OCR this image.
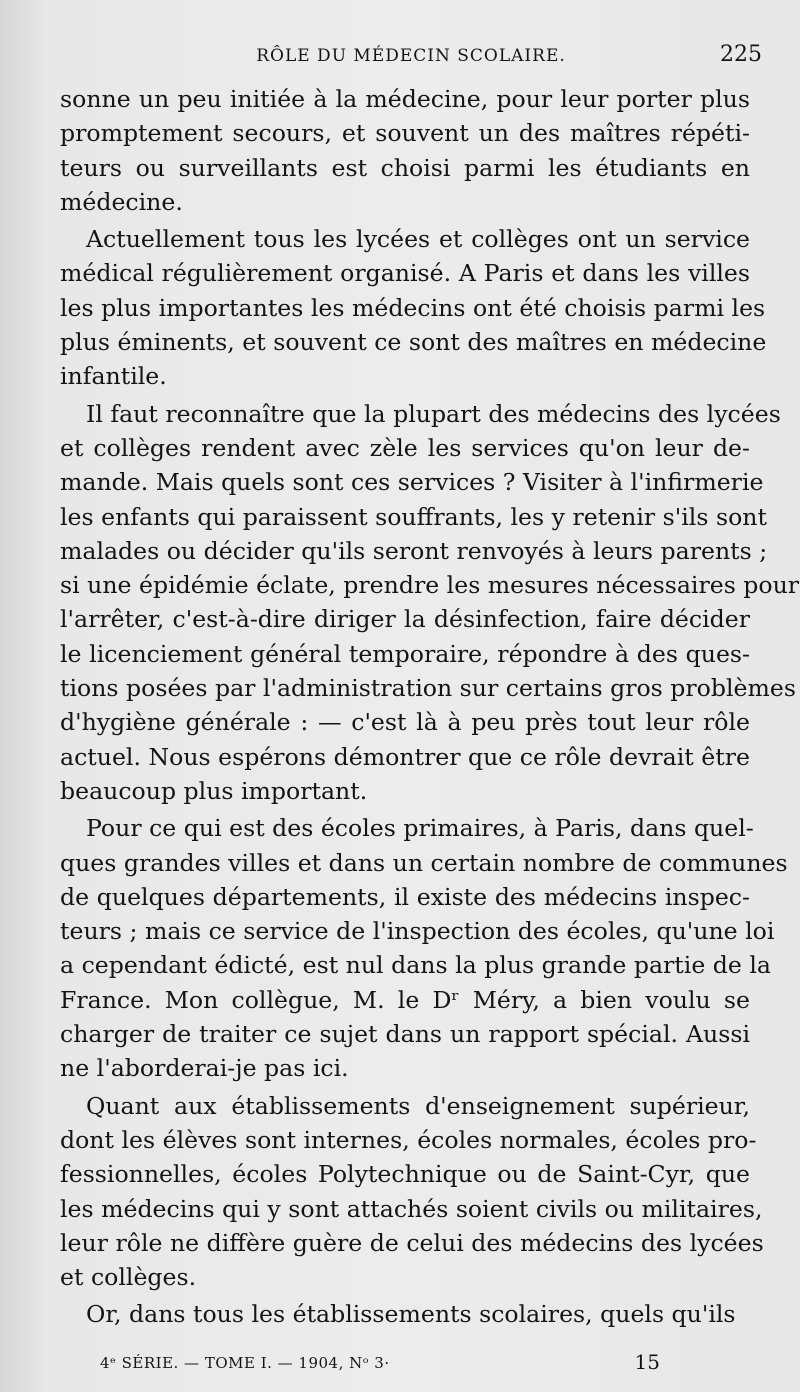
RÔLE DU MÉDECIN SCOLAIRE.	225
sonne un peu initiée à la médecine, pour leur porter plus
promptement secours, et souvent un des maîtres répéti-
teurs ou surveillants est choisi parmi les étudiants en
médecine.
Actuellement tous les lycées et collèges ont un service
médical régulièrement organisé. A Paris et dans les villes
les plus importantes les médecins ont été choisis parmi les
plus éminents, et souvent ce sont des maîtres en médecine
infantile.
Il faut reconnaître que la plupart des médecins des lycées
et collèges rendent avec zèle les services qu'on leur de-
mande. Mais quels sont ces services ? Visiter à l'infirmerie
les enfants qui paraissent souffrants, les y retenir s'ils sont
malades ou décider qu'ils seront renvoyés à leurs parents ;
si une épidémie éclate, prendre les mesures nécessaires pour
l'arrêter, c'est-à-dire diriger la désinfection, faire décider
le licenciement général temporaire, répondre à des ques-
tions posées par l'administration sur certains gros problèmes
d'hygiène générale : — c'est là à peu près tout leur rôle
actuel. Nous espérons démontrer que ce rôle devrait être
beaucoup plus important.
Pour ce qui est des écoles primaires, à Paris, dans quel-
ques grandes villes et dans un certain nombre de communes
de quelques départements, il existe des médecins inspec-
teurs ; mais ce service de l'inspection des écoles, qu'une loi
a cependant édicté, est nul dans la plus grande partie de la
France. Mon collègue, M. le Dʳ Méry, a bien voulu se
charger de traiter ce sujet dans un rapport spécial. Aussi
ne l'aborderai-je pas ici.
Quant aux établissements d'enseignement supérieur,
dont les élèves sont internes, écoles normales, écoles pro-
fessionnelles, écoles Polytechnique ou de Saint-Cyr, que
les médecins qui y sont attachés soient civils ou militaires,
leur rôle ne diffère guère de celui des médecins des lycées
et collèges.
Or, dans tous les établissements scolaires, quels qu'ils
4ᵉ SÉRIE. — TOME I. — 1904, Nᵒ 3·	15
